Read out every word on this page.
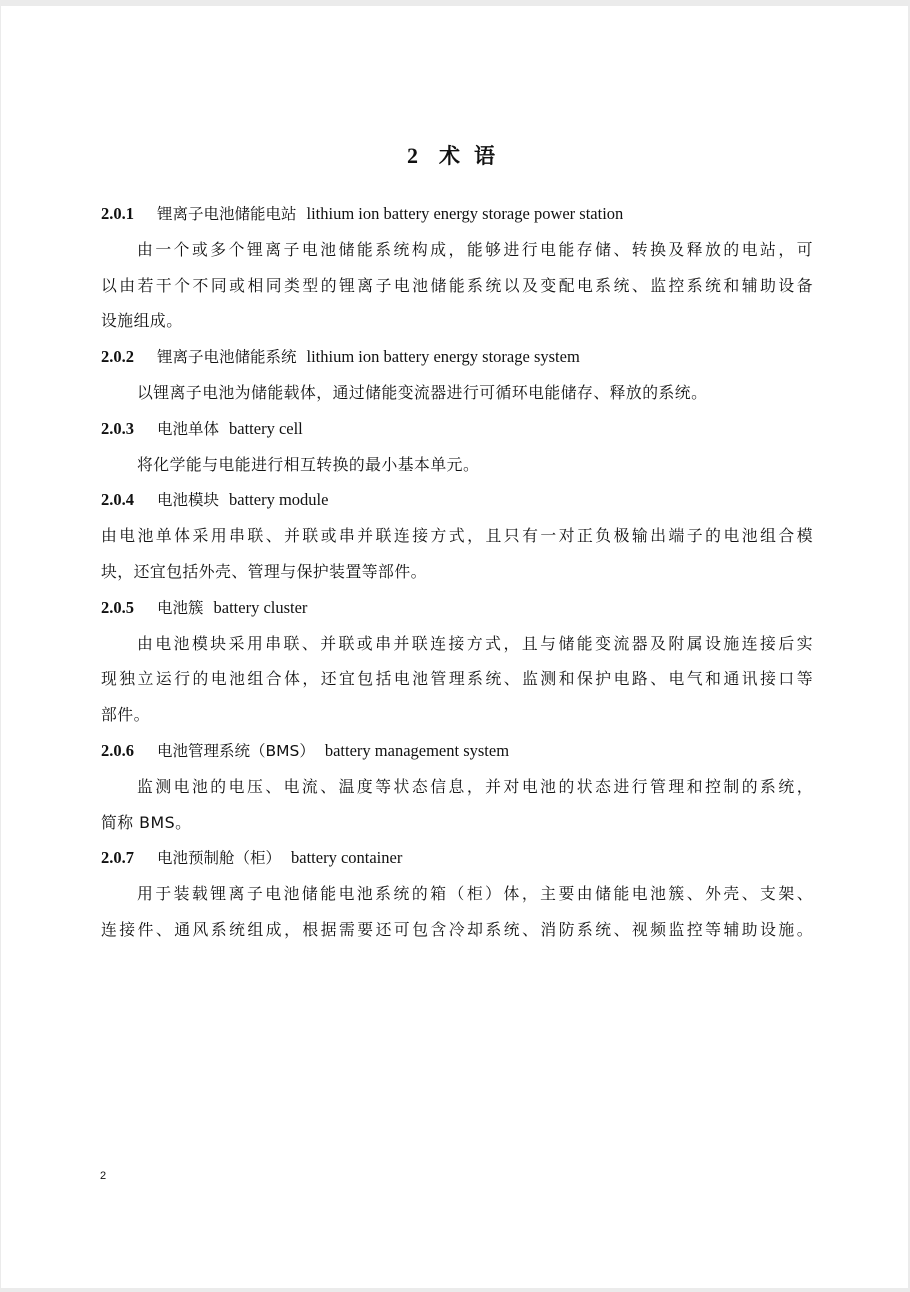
2 术 语
2.0.1 锂离子电池储能电站 lithium ion battery energy storage power station
由一个或多个锂离子电池储能系统构成，能够进行电能存储、转换及释放的电站，可
以由若干个不同或相同类型的锂离子电池储能系统以及变配电系统、监控系统和辅助设备
设施组成。
2.0.2 锂离子电池储能系统 lithium ion battery energy storage system
以锂离子电池为储能载体，通过储能变流器进行可循环电能储存、释放的系统。
2.0.3 电池单体 battery cell
将化学能与电能进行相互转换的最小基本单元。
2.0.4 电池模块 battery module
由电池单体采用串联、并联或串并联连接方式，且只有一对正负极输出端子的电池组合模
块，还宜包括外壳、管理与保护装置等部件。
2.0.5 电池簇 battery cluster
由电池模块采用串联、并联或串并联连接方式，且与储能变流器及附属设施连接后实
现独立运行的电池组合体，还宜包括电池管理系统、监测和保护电路、电气和通讯接口等
部件。
2.0.6 电池管理系统（BMS） battery management system
监测电池的电压、电流、温度等状态信息，并对电池的状态进行管理和控制的系统，
简称 BMS。
2.0.7 电池预制舱（柜） battery container
用于装载锂离子电池储能电池系统的箱（柜）体，主要由储能电池簇、外壳、支架、
连接件、通风系统组成，根据需要还可包含冷却系统、消防系统、视频监控等辅助设施。
2
